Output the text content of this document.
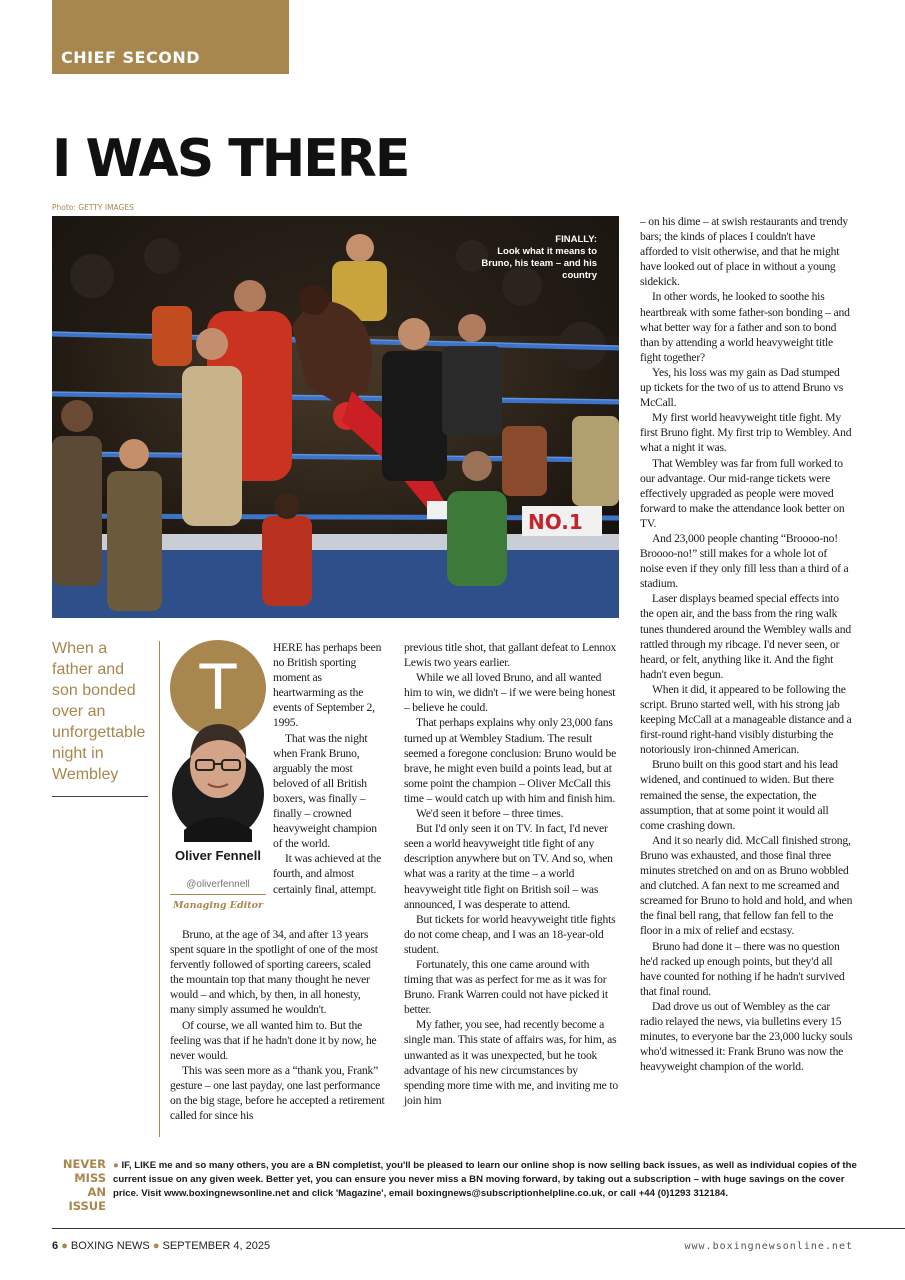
CHIEF SECOND
I WAS THERE
Photo: GETTY IMAGES
NO.1
FINALLY:
Look what it means to Bruno, his team – and his country
When a father and son bonded over an unforgettable night in Wembley
T
Oliver Fennell
@oliverfennell
Managing Editor

HERE has perhaps been no British sporting moment as heartwarming as the events of September 2, 1995.

That was the night when Frank Bruno, arguably the most beloved of all British boxers, was finally – finally – crowned heavyweight champion of the world.

It was achieved at the fourth, and almost certainly final, attempt.

Bruno, at the age of 34, and after 13 years spent square in the spotlight of one of the most fervently followed of sporting careers, scaled the mountain top that many thought he never would – and which, by then, in all honesty, many simply assumed he wouldn't.

Of course, we all wanted him to. But the feeling was that if he hadn't done it by now, he never would.

This was seen more as a “thank you, Frank” gesture – one last payday, one last performance on the big stage, before he accepted a retirement called for since his

previous title shot, that gallant defeat to Lennox Lewis two years earlier.

While we all loved Bruno, and all wanted him to win, we didn't – if we were being honest – believe he could.

That perhaps explains why only 23,000 fans turned up at Wembley Stadium. The result seemed a foregone conclusion: Bruno would be brave, he might even build a points lead, but at some point the champion – Oliver McCall this time – would catch up with him and finish him.

We'd seen it before – three times.

But I'd only seen it on TV. In fact, I'd never seen a world heavyweight title fight of any description anywhere but on TV. And so, when what was a rarity at the time – a world heavyweight title fight on British soil – was announced, I was desperate to attend.

But tickets for world heavyweight title fights do not come cheap, and I was an 18-year-old student.

Fortunately, this one came around with timing that was as perfect for me as it was for Bruno. Frank Warren could not have picked it better.

My father, you see, had recently become a single man. This state of affairs was, for him, as unwanted as it was unexpected, but he took advantage of his new circumstances by spending more time with me, and inviting me to join him

– on his dime – at swish restaurants and trendy bars; the kinds of places I couldn't have afforded to visit otherwise, and that he might have looked out of place in without a young sidekick.

In other words, he looked to soothe his heartbreak with some father-son bonding – and what better way for a father and son to bond than by attending a world heavyweight title fight together?

Yes, his loss was my gain as Dad stumped up tickets for the two of us to attend Bruno vs McCall.

My first world heavyweight title fight. My first Bruno fight. My first trip to Wembley. And what a night it was.

That Wembley was far from full worked to our advantage. Our mid-range tickets were effectively upgraded as people were moved forward to make the attendance look better on TV.

And 23,000 people chanting “Broooo-no! Broooo-no!” still makes for a whole lot of noise even if they only fill less than a third of a stadium.

Laser displays beamed special effects into the open air, and the bass from the ring walk tunes thundered around the Wembley walls and rattled through my ribcage. I'd never seen, or heard, or felt, anything like it. And the fight hadn't even begun.

When it did, it appeared to be following the script. Bruno started well, with his strong jab keeping McCall at a manageable distance and a first-round right-hand visibly disturbing the notoriously iron-chinned American.

Bruno built on this good start and his lead widened, and continued to widen. But there remained the sense, the expectation, the assumption, that at some point it would all come crashing down.

And it so nearly did. McCall finished strong, Bruno was exhausted, and those final three minutes stretched on and on as Bruno wobbled and clutched. A fan next to me screamed and screamed for Bruno to hold and hold, and when the final bell rang, that fellow fan fell to the floor in a mix of relief and ecstasy.

Bruno had done it – there was no question he'd racked up enough points, but they'd all have counted for nothing if he hadn't survived that final round.

Dad drove us out of Wembley as the car radio relayed the news, via bulletins every 15 minutes, to everyone bar the 23,000 lucky souls who'd witnessed it: Frank Bruno was now the heavyweight champion of the world.

NEVER
MISS AN
ISSUE
● IF, LIKE me and so many others, you are a BN completist, you'll be pleased to learn our online shop is now selling back issues, as well as individual copies of the current issue on any given week. Better yet, you can ensure you never miss a BN moving forward, by taking out a subscription – with huge savings on the cover price. Visit www.boxingnewsonline.net and click 'Magazine', email boxingnews@subscriptionhelpline.co.uk, or call +44 (0)1293 312184.
6 ● BOXING NEWS ● SEPTEMBER 4, 2025	www.boxingnewsonline.net
